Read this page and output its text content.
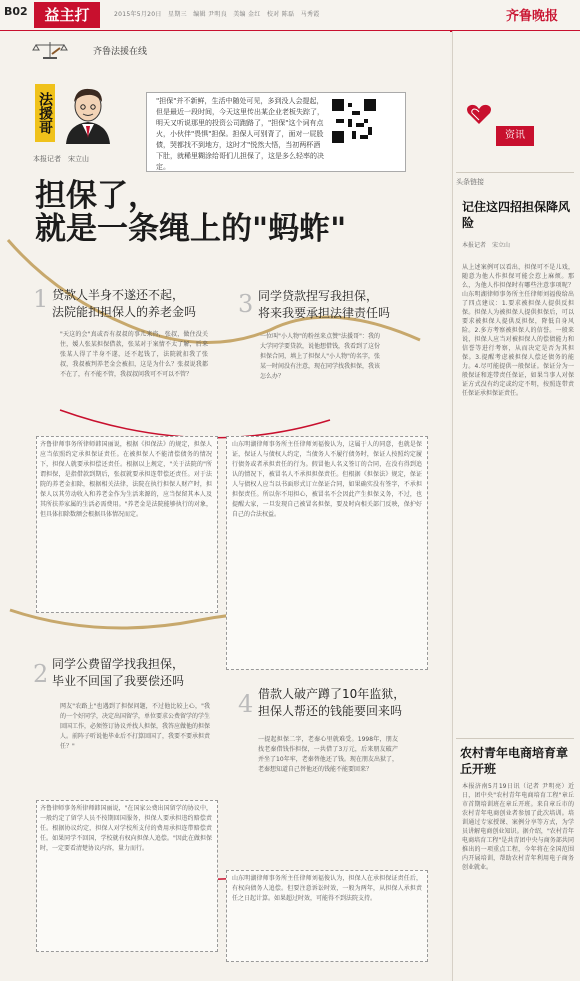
B02	益主打	2015年5月20日　星期三　编辑 尹明良　美编 金红　校对 陈磊　马秀霞	齐鲁晚报
齐鲁法援在线
法援哥	"担保"并不新鲜，生活中随处可见，多到没人会提起，但是最近一段时间，今天这里传出某企业老板失踪了，明天又听说那里的投资公司跑路了，"担保"这个词有点火，小伙伴"畏惧"担保。担保人可别背了，面对一屁股债，哭都找不到地方，这时才"悦然大悟，当初两杯酒下肚，就稀里糊涂给哥们儿担保了，这是多么轻率的决定。
本报记者　宋立山
担保了，
就是一条绳上的"蚂蚱"
1 贷款人半身不遂还不起，
法院能扣担保人的养老金吗
"天这的会"真或否有叔叔的事儿来咨，张叔，做住没关住，媛人张某担保借款，张某对于案情不太了解，后来张某人得了半身不遂，还不起钱了，法院就扣我了张叔，我叔被判养老金会被扣，这是为什么？张叔说我都不在了，有不能不管，我叔叔问我可不可以不管？
齐鲁律师事务所律师韩国丽说，根据《担保法》的规定，担保人应当依照约定承担保证责任。在被担保人不能清偿债务的情况下，担保人就要承担偿还责任。根据以上规定，"关于法院的"所谓担保，是指借款到期后，张叔就要承担连带偿还责任。对于法院的养老金扣除，根据相关法律，法院在执行担保人财产时，担保人以其劳动收入和养老金作为生活来源的，应当保留其本人及其所扶养家属的生活必需费用。"养老金是法院能够执行的对象，但具体扣除数额会根据具体情况而定。
3 同学贷款捏写我担保，
将来我要承担法律责任吗
一位叫"小人物"的粉丝来点赞"法援哥"：我的大学同学要贷款，说他想借钱，我看到了这份担保合同，填上了担保人"小人物"的名字，张某一时间没有注意，现在同学找我担保，我该怎么办？
山东明湖律师事务所主任律师刘福俊认为，这属于人的同意，也就是保证，保证人与债权人约定，当债务人不履行债务时，保证人按照约定履行债务或者承担责任的行为。假冒他人名义签订的合同，在没有得到追认的情况下，被冒名人不承担担保责任。但根据《担保法》规定，保证人与债权人应当以书面形式订立保证合同，如果确实没有签字，不承担担保责任。所以你不用担心，被冒名不会因此产生担保义务，不过，也提醒大家，一旦发现自己被冒名担保，要及时向相关部门反映，保护好自己的合法权益。
2 同学公费留学找我担保，
毕业不回国了我要偿还吗
网友"农路上"也遇到了担保问题，不过他比较上心，"我的一个好同学，决定出国留学，单位要求公费留学的学生回国工作，必须签订协议并找人担保，我答应做他的担保人。前阵子听说他毕业后不打算回国了，我要不要承担责任？"
齐鲁律师事务所律师韩国丽说，"在国家公费出国留学的协议中，一般约定了留学人员不按期回国服务，担保人要承担违约赔偿责任。根据协议约定，担保人对学校所支付的费用承担连带赔偿责任。如果同学不回国，学校就有权向担保人追偿。"因此在做担保时，一定要看清楚协议内容，量力而行。
4 借款人破产蹲了10年监狱，
担保人帮还的钱能要回来吗
一提起担保二字，老秦心里就难受。1998年，朋友找老秦借钱作担保，一共借了3万元，后来朋友破产并坐了10年牢，老秦替他还了钱。现在朋友出狱了，老秦想知道自己替他还的钱能不能要回来？
山东明湖律师事务所主任律师刘福俊认为，担保人在承担保证责任后，有权向债务人追偿。但要注意诉讼时效，一般为两年，从担保人承担责任之日起计算。如果超过时效，可能得不到法院支持。
资讯
头条链接
记住这四招担保降风险
本报记者　宋立山
从上述案例可以看出，担保可不是儿戏，随意为他人作担保可能会惹上麻烦。那么，为他人作担保时有哪些注意事项呢？山东明湖律师事务所主任律师刘福俊给出了四点建议：1.要求被担保人提供反担保。担保人为被担保人提供担保后，可以要求被担保人提供反担保，降低自身风险。2.多方考察被担保人的信誉。一般来说，担保人应当对被担保人的偿债能力和信誉等进行考察，从而决定是否为其担保。3.提醒考虑被担保人偿还债务的能力。4.尽可能提供一般保证。保证分为一般保证和连带责任保证，如果当事人对保证方式没有约定或约定不明，按照连带责任保证承担保证责任。
农村青年电商培育章丘开班
本报济南5月19日讯（记者 尹明亮）近日，团中央"农村青年电商培育工程"章丘市首期培训班在章丘开班。来自章丘市的农村青年电商创业者参加了此次培训。培训通过专家授课、案例分享等方式，为学员讲解电商创业知识。据介绍，"农村青年电商培育工程"是共青团中央与商务部共同推出的一项重点工程，今年将在全国范围内开展培训，帮助农村青年利用电子商务创业就业。
